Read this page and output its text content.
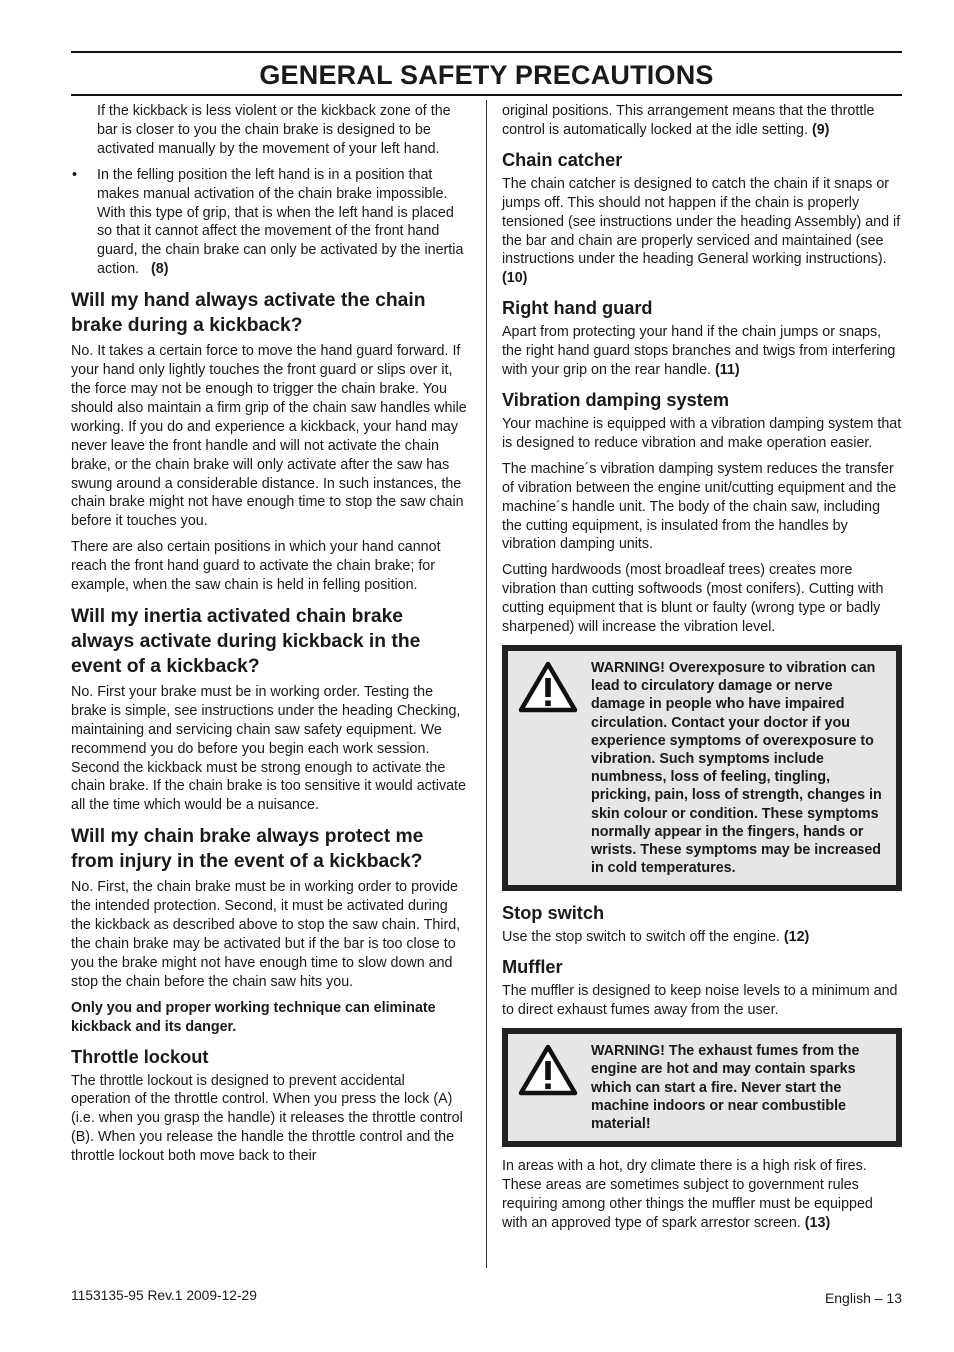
GENERAL SAFETY PRECAUTIONS

If the kickback is less violent or the kickback zone of the bar is closer to you the chain brake is designed to be activated manually by the movement of your left hand.

• In the felling position the left hand is in a position that makes manual activation of the chain brake impossible. With this type of grip, that is when the left hand is placed so that it cannot affect the movement of the front hand guard, the chain brake can only be activated by the inertia action. (8)

Will my hand always activate the chain brake during a kickback?

No. It takes a certain force to move the hand guard forward. If your hand only lightly touches the front guard or slips over it, the force may not be enough to trigger the chain brake. You should also maintain a firm grip of the chain saw handles while working. If you do and experience a kickback, your hand may never leave the front handle and will not activate the chain brake, or the chain brake will only activate after the saw has swung around a considerable distance. In such instances, the chain brake might not have enough time to stop the saw chain before it touches you.

There are also certain positions in which your hand cannot reach the front hand guard to activate the chain brake; for example, when the saw chain is held in felling position.

Will my inertia activated chain brake always activate during kickback in the event of a kickback?

No. First your brake must be in working order. Testing the brake is simple, see instructions under the heading Checking, maintaining and servicing chain saw safety equipment. We recommend you do before you begin each work session. Second the kickback must be strong enough to activate the chain brake. If the chain brake is too sensitive it would activate all the time which would be a nuisance.

Will my chain brake always protect me from injury in the event of a kickback?

No. First, the chain brake must be in working order to provide the intended protection. Second, it must be activated during the kickback as described above to stop the saw chain. Third, the chain brake may be activated but if the bar is too close to you the brake might not have enough time to slow down and stop the chain before the chain saw hits you.

Only you and proper working technique can eliminate kickback and its danger.

Throttle lockout

The throttle lockout is designed to prevent accidental operation of the throttle control. When you press the lock (A) (i.e. when you grasp the handle) it releases the throttle control (B). When you release the handle the throttle control and the throttle lockout both move back to their

original positions. This arrangement means that the throttle control is automatically locked at the idle setting. (9)

Chain catcher

The chain catcher is designed to catch the chain if it snaps or jumps off. This should not happen if the chain is properly tensioned (see instructions under the heading Assembly) and if the bar and chain are properly serviced and maintained (see instructions under the heading General working instructions). (10)

Right hand guard

Apart from protecting your hand if the chain jumps or snaps, the right hand guard stops branches and twigs from interfering with your grip on the rear handle. (11)

Vibration damping system

Your machine is equipped with a vibration damping system that is designed to reduce vibration and make operation easier.

The machine´s vibration damping system reduces the transfer of vibration between the engine unit/cutting equipment and the machine´s handle unit. The body of the chain saw, including the cutting equipment, is insulated from the handles by vibration damping units.

Cutting hardwoods (most broadleaf trees) creates more vibration than cutting softwoods (most conifers). Cutting with cutting equipment that is blunt or faulty (wrong type or badly sharpened) will increase the vibration level.

WARNING! Overexposure to vibration can lead to circulatory damage or nerve damage in people who have impaired circulation. Contact your doctor if you experience symptoms of overexposure to vibration. Such symptoms include numbness, loss of feeling, tingling, pricking, pain, loss of strength, changes in skin colour or condition. These symptoms normally appear in the fingers, hands or wrists. These symptoms may be increased in cold temperatures.
Stop switch

Use the stop switch to switch off the engine. (12)

Muffler

The muffler is designed to keep noise levels to a minimum and to direct exhaust fumes away from the user.

WARNING! The exhaust fumes from the engine are hot and may contain sparks which can start a fire. Never start the machine indoors or near combustible material!

In areas with a hot, dry climate there is a high risk of fires. These areas are sometimes subject to government rules requiring among other things the muffler must be equipped with an approved type of spark arrestor screen. (13)

1153135-95 Rev.1 2009-12-29	English – 13
